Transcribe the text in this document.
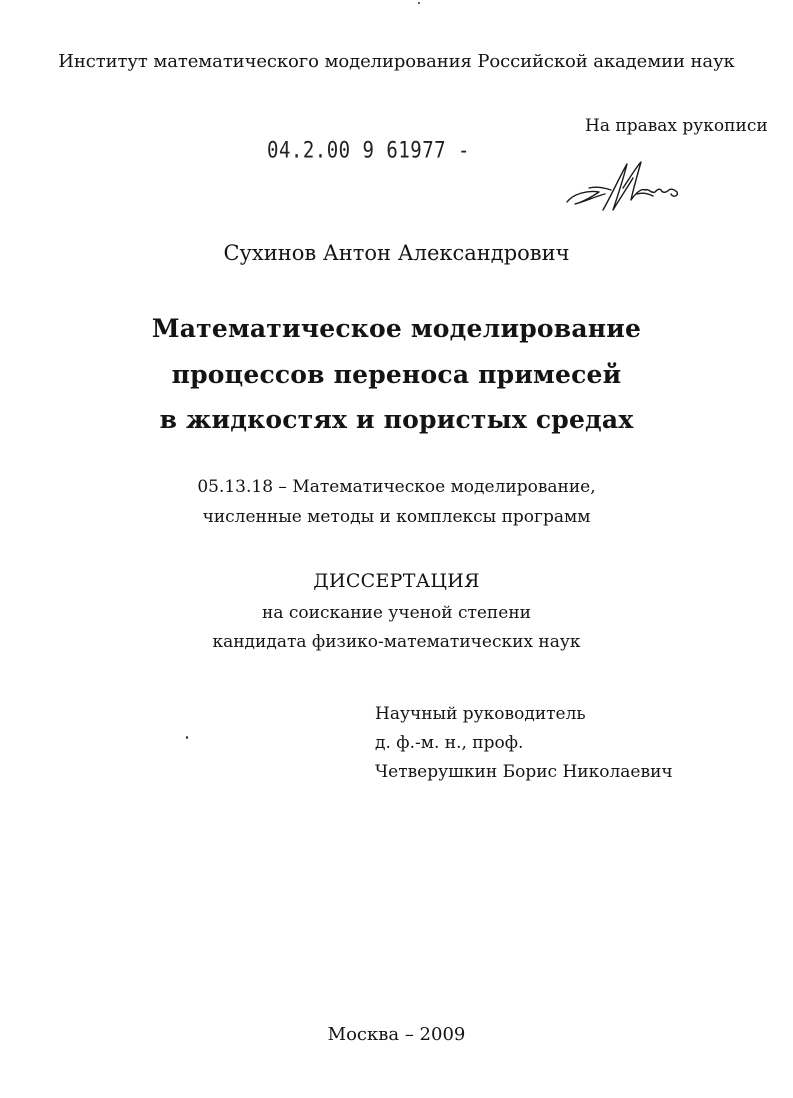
Институт математического моделирования Российской академии наук
На правах рукописи
04.2.00 9 61977 -
Сухинов Антон Александрович
Математическое моделирование
процессов переноса примесей
в жидкостях и пористых средах
05.13.18 – Математическое моделирование,
численные методы и комплексы программ
ДИССЕРТАЦИЯ
на соискание ученой степени
кандидата физико-математических наук
Научный руководитель
д. ф.-м. н., проф.
Четверушкин Борис Николаевич
Москва – 2009
